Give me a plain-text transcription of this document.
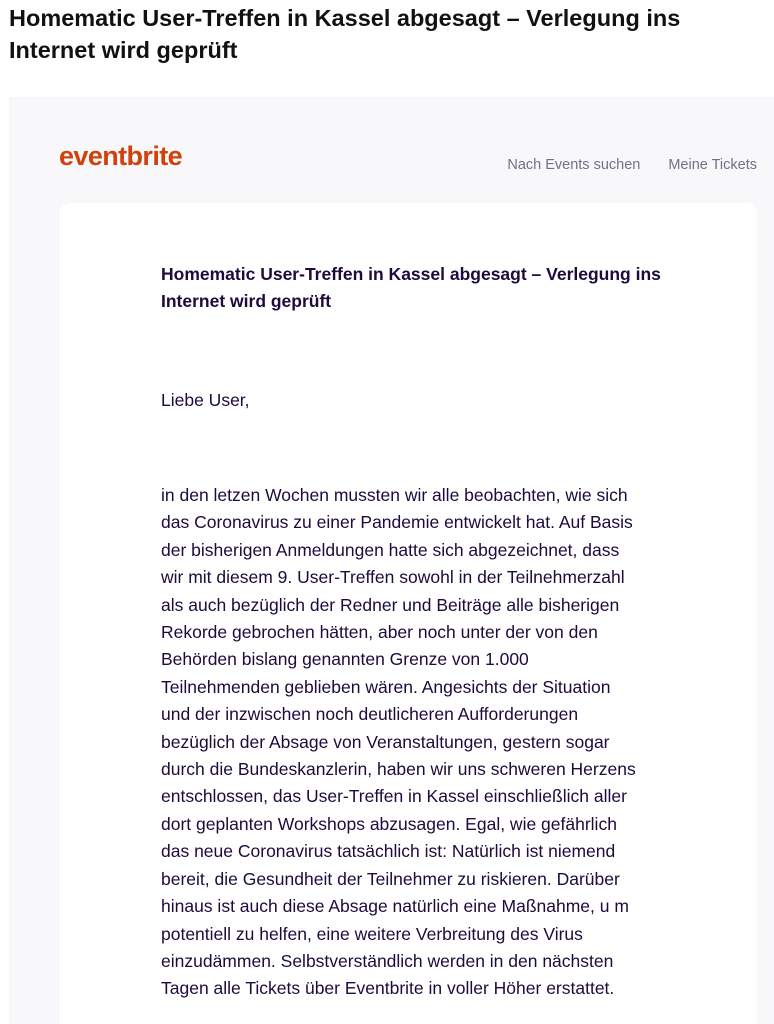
Homematic User-Treffen in Kassel abgesagt – Verlegung ins Internet wird geprüft
eventbrite	Nach Events suchen Meine Tickets
Homematic User-Treffen in Kassel abgesagt – Verlegung ins Internet wird geprüft

Liebe User,

in den letzen Wochen mussten wir alle beobachten, wie sich
das Coronavirus zu einer Pandemie entwickelt hat. Auf Basis
der bisherigen Anmeldungen hatte sich abgezeichnet, dass
wir mit diesem 9. User-Treffen sowohl in der Teilnehmerzahl
als auch bezüglich der Redner und Beiträge alle bisherigen
Rekorde gebrochen hätten, aber noch unter der von den
Behörden bislang genannten Grenze von 1.000
Teilnehmenden geblieben wären. Angesichts der Situation
und der inzwischen noch deutlicheren Aufforderungen
bezüglich der Absage von Veranstaltungen, gestern sogar
durch die Bundeskanzlerin, haben wir uns schweren Herzens
entschlossen, das User-Treffen in Kassel einschließlich aller
dort geplanten Workshops abzusagen. Egal, wie gefährlich
das neue Coronavirus tatsächlich ist: Natürlich ist niemend
bereit, die Gesundheit der Teilnehmer zu riskieren. Darüber
hinaus ist auch diese Absage natürlich eine Maßnahme, u m
potentiell zu helfen, eine weitere Verbreitung des Virus
einzudämmen. Selbstverständlich werden in den nächsten
Tagen alle Tickets über Eventbrite in voller Höher erstattet.
